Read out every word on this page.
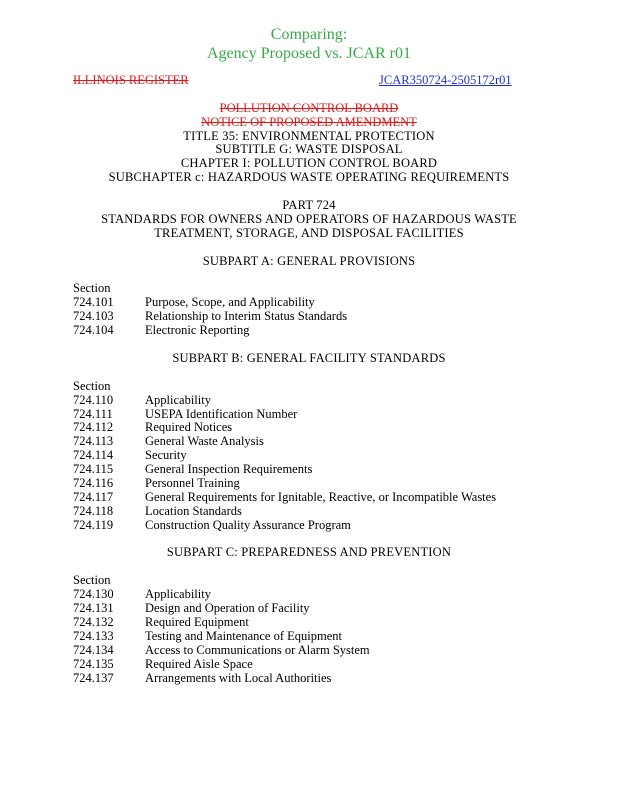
Comparing:
Agency Proposed vs. JCAR r01
ILLINOIS REGISTER	JCAR350724-2505172r01
POLLUTION CONTROL BOARD
NOTICE OF PROPOSED AMENDMENT
TITLE 35: ENVIRONMENTAL PROTECTION
SUBTITLE G: WASTE DISPOSAL
CHAPTER I: POLLUTION CONTROL BOARD
SUBCHAPTER c: HAZARDOUS WASTE OPERATING REQUIREMENTS
PART 724
STANDARDS FOR OWNERS AND OPERATORS OF HAZARDOUS WASTE
TREATMENT, STORAGE, AND DISPOSAL FACILITIES
SUBPART A: GENERAL PROVISIONS
Section
724.101	Purpose, Scope, and Applicability
724.103	Relationship to Interim Status Standards
724.104	Electronic Reporting
SUBPART B: GENERAL FACILITY STANDARDS
Section
724.110	Applicability
724.111	USEPA Identification Number
724.112	Required Notices
724.113	General Waste Analysis
724.114	Security
724.115	General Inspection Requirements
724.116	Personnel Training
724.117	General Requirements for Ignitable, Reactive, or Incompatible Wastes
724.118	Location Standards
724.119	Construction Quality Assurance Program
SUBPART C: PREPAREDNESS AND PREVENTION
Section
724.130	Applicability
724.131	Design and Operation of Facility
724.132	Required Equipment
724.133	Testing and Maintenance of Equipment
724.134	Access to Communications or Alarm System
724.135	Required Aisle Space
724.137	Arrangements with Local Authorities
